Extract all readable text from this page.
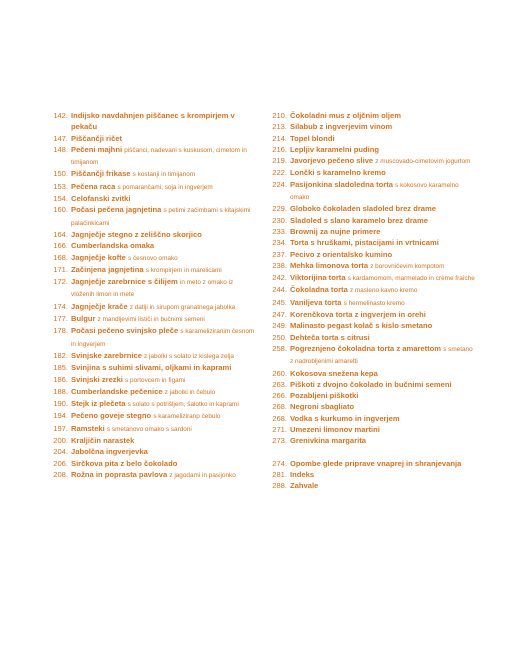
142. Indijsko navdahnjen piščanec s krompirjem v pekaču
147. Piščančji ričet
148. Pečeni majhni piščanci, nadevani s kuskusom, cimetom in timijanom
150. Piščančji frikase s kostanji in timijanom
153. Pečena raca s pomarančami, soja in ingverjem
154. Celofanski zvitki
160. Počasi pečena jagnjetina s petimi začimbami s kitajskimi palačinkicami
164. Jagnječje stegno z zeliščno skorjico
166. Cumberlandska omaka
168. Jagnječje kofte s česnovo omako
171. Začinjena jagnjetina s krompirjem in marelicami
172. Jagnječje zarebrnice s čilijem in meto z omako iz vloženih limon in mete
174. Jagnječje krače z datlji in sirupom granatnega jabolka
177. Bulgur z mandljevimi lističi in bučnimi semeni
178. Počasi pečeno svinjsko pleče s karameliziranim česnom in ingverjem
182. Svinjske zarebrnice z jabolki s solato iz kislega zelja
185. Svinjina s suhimi slivami, oljkami in kaprami
186. Svinjski zrezki s portovcem in figami
188. Cumberlandske pečenice z jabolki in čebulo
190. Stejk iz plečeta s solato s potrišljem, šalotko in kaprami
194. Pečeno goveje stegno s karameliziranp čebulo
197. Ramsteki s smetanovo omako s sardoni
200. Kraljičin narastek
204. Jabolčna ingverjevka
206. Sirčkova pita z belo čokolado
208. Rožna in poprasta pavlova z jagodami in pasijonko
210. Čokoladni mus z oljčnim oljem
213. Silabub z ingverjevim vinom
214. Topel blondi
216. Lepljiv karamelni puding
219. Javorjevo pečeno slive z muscovado-cimetovim jogurtom
222. Lončki s karamelno kremo
224. Pasijonkina sladoledna torta s kokosovo karamelno omako
229. Globoko čokoladen sladoled brez drame
230. Sladoled s slano karamelo brez drame
233. Brownij za nujne primere
234. Torta s hruškami, pistacijami in vrtnicami
237. Pecivo z orientalsko kumino
238. Mehka limonova torta z borovničevim kompotom
242. Viktorijina torta s kardamomom, marmelado in crème fraîche
244. Čokoladna torta z masleno kavno kremo
245. Vaniljeva torta s hermelinasto kremo
247. Korenčkova torta z ingverjem in orehi
249. Malinasto pegast kolač s kislo smetano
250. Dehteča torta s citrusi
258. Pogreznjeno čokoladna torta z amarettom s smetano z nadrobljenimi amaretti
260. Kokosova snežena kepa
263. Piškoti z dvojno čokolado in bučnimi semeni
266. Pozabljeni piškotki
268. Negroni sbagliato
268. Vodka s kurkumo in ingverjem
271. Umezeni limonov martini
273. Grenivkina margarita
274. Opombe glede priprave vnaprej in shranjevanja
281. Indeks
288. Zahvale
